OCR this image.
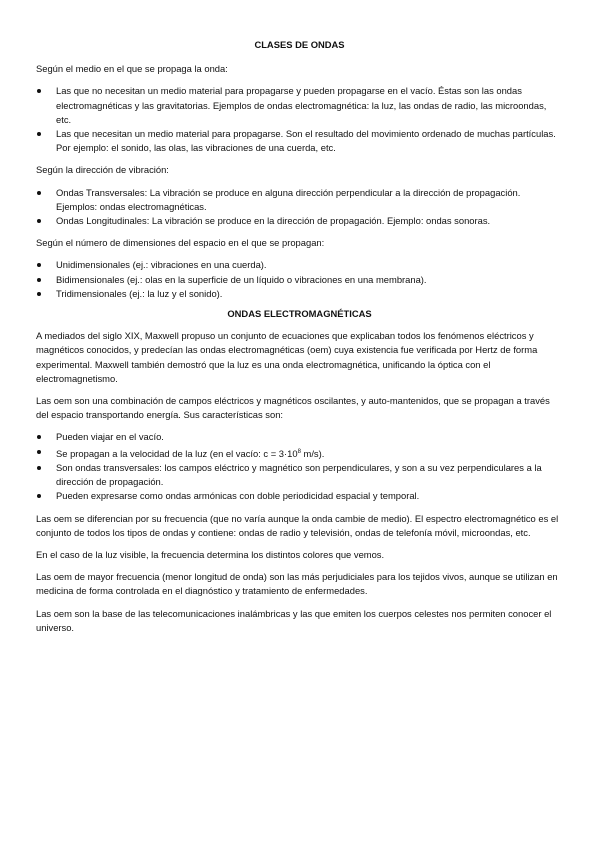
CLASES DE ONDAS

Según el medio en el que se propaga la onda:

Las que no necesitan un medio material para propagarse y pueden propagarse en el vacío. Éstas son las ondas electromagnéticas y las gravitatorias. Ejemplos de ondas electromagnética: la luz, las ondas de radio, las microondas, etc.
Las que necesitan un medio material para propagarse. Son el resultado del movimiento ordenado de muchas partículas. Por ejemplo: el sonido, las olas, las vibraciones de una cuerda, etc.

Según la dirección de vibración:

Ondas Transversales: La vibración se produce en alguna dirección perpendicular a la dirección de propagación. Ejemplos: ondas electromagnéticas.
Ondas Longitudinales: La vibración se produce en la dirección de propagación. Ejemplo: ondas sonoras.

Según el número de dimensiones del espacio en el que se propagan:

Unidimensionales (ej.: vibraciones en una cuerda).
Bidimensionales (ej.: olas en la superficie de un líquido o vibraciones en una membrana).
Tridimensionales (ej.: la luz y el sonido).
ONDAS ELECTROMAGNÉTICAS

A mediados del siglo XIX, Maxwell propuso un conjunto de ecuaciones que explicaban todos los fenómenos eléctricos y magnéticos conocidos, y predecían las ondas electromagnéticas (oem) cuya existencia fue verificada por Hertz de forma experimental. Maxwell también demostró que la luz es una onda electromagnética, unificando la óptica con el electromagnetismo.

Las oem son una combinación de campos eléctricos y magnéticos oscilantes, y auto-mantenidos, que se propagan a través del espacio transportando energía. Sus características son:

Pueden viajar en el vacío.
Se propagan a la velocidad de la luz (en el vacío: $c = 3\cdot 10^8$ m/s).
Son ondas transversales: los campos eléctrico y magnético son perpendiculares, y son a su vez perpendiculares a la dirección de propagación.
Pueden expresarse como ondas armónicas con doble periodicidad espacial y temporal.

Las oem se diferencian por su frecuencia (que no varía aunque la onda cambie de medio). El espectro electromagnético es el conjunto de todos los tipos de ondas y contiene: ondas de radio y televisión, ondas de telefonía móvil, microondas, etc.

En el caso de la luz visible, la frecuencia determina los distintos colores que vemos.

Las oem de mayor frecuencia (menor longitud de onda) son las más perjudiciales para los tejidos vivos, aunque se utilizan en medicina de forma controlada en el diagnóstico y tratamiento de enfermedades.

Las oem son la base de las telecomunicaciones inalámbricas y las que emiten los cuerpos celestes nos permiten conocer el universo.
